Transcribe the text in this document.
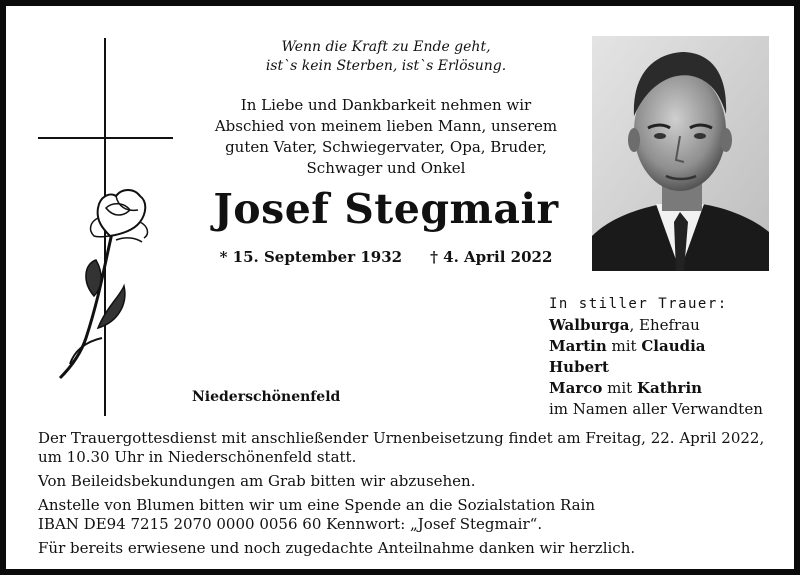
Wenn die Kraft zu Ende geht,
ist`s kein Sterben, ist`s Erlösung.
In Liebe und Dankbarkeit nehmen wir
Abschied von meinem lieben Mann, unserem
guten Vater, Schwiegervater, Opa, Bruder,
Schwager und Onkel
Josef Stegmair
* 15. September 1932 † 4. April 2022
Niederschönenfeld
In stiller Trauer:
Walburga, Ehefrau
Martin mit Claudia
Hubert
Marco mit Kathrin
im Namen aller Verwandten

Der Trauergottesdienst mit anschließender Urnenbeisetzung findet am Freitag, 22. April 2022,
um 10.30 Uhr in Niederschönenfeld statt.

Von Beileidsbekundungen am Grab bitten wir abzusehen.

Anstelle von Blumen bitten wir um eine Spende an die Sozialstation Rain
IBAN DE94 7215 2070 0000 0056 60 Kennwort: „Josef Stegmair“.

Für bereits erwiesene und noch zugedachte Anteilnahme danken wir herzlich.
